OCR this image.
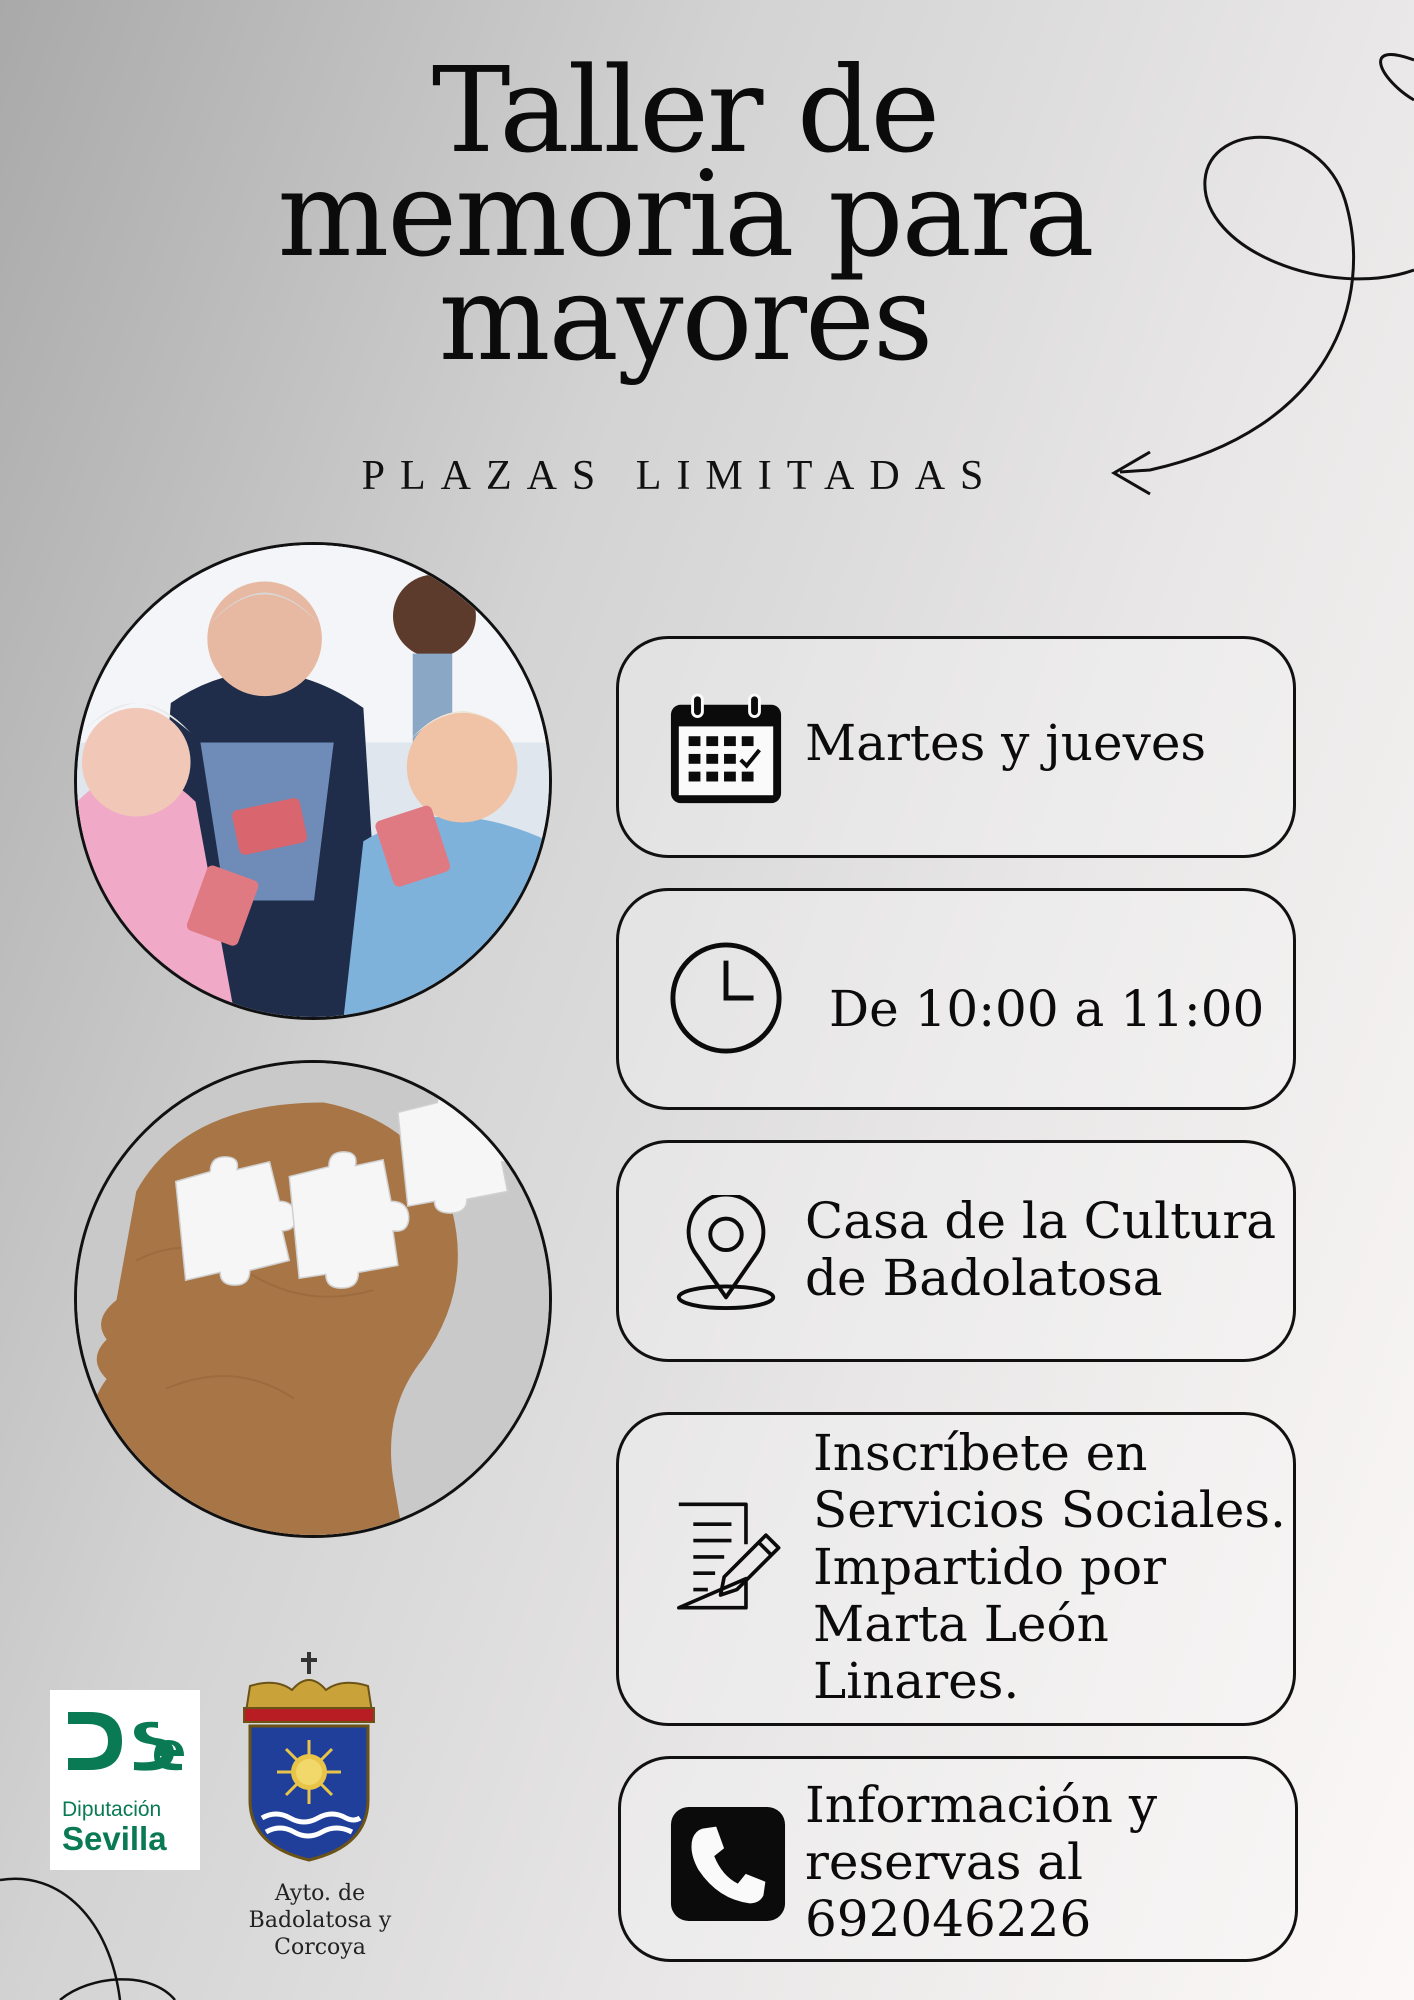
Taller de
memoria para
mayores
PLAZAS LIMITADAS
Martes y jueves
De 10:00 a 11:00
Casa de la Cultura
de Badolatosa
Inscríbete en
Servicios Sociales.
Impartido por
Marta León
Linares.
Información y
reservas al
692046226
Diputación
Sevilla
Ayto. de
Badolatosa y
Corcoya
